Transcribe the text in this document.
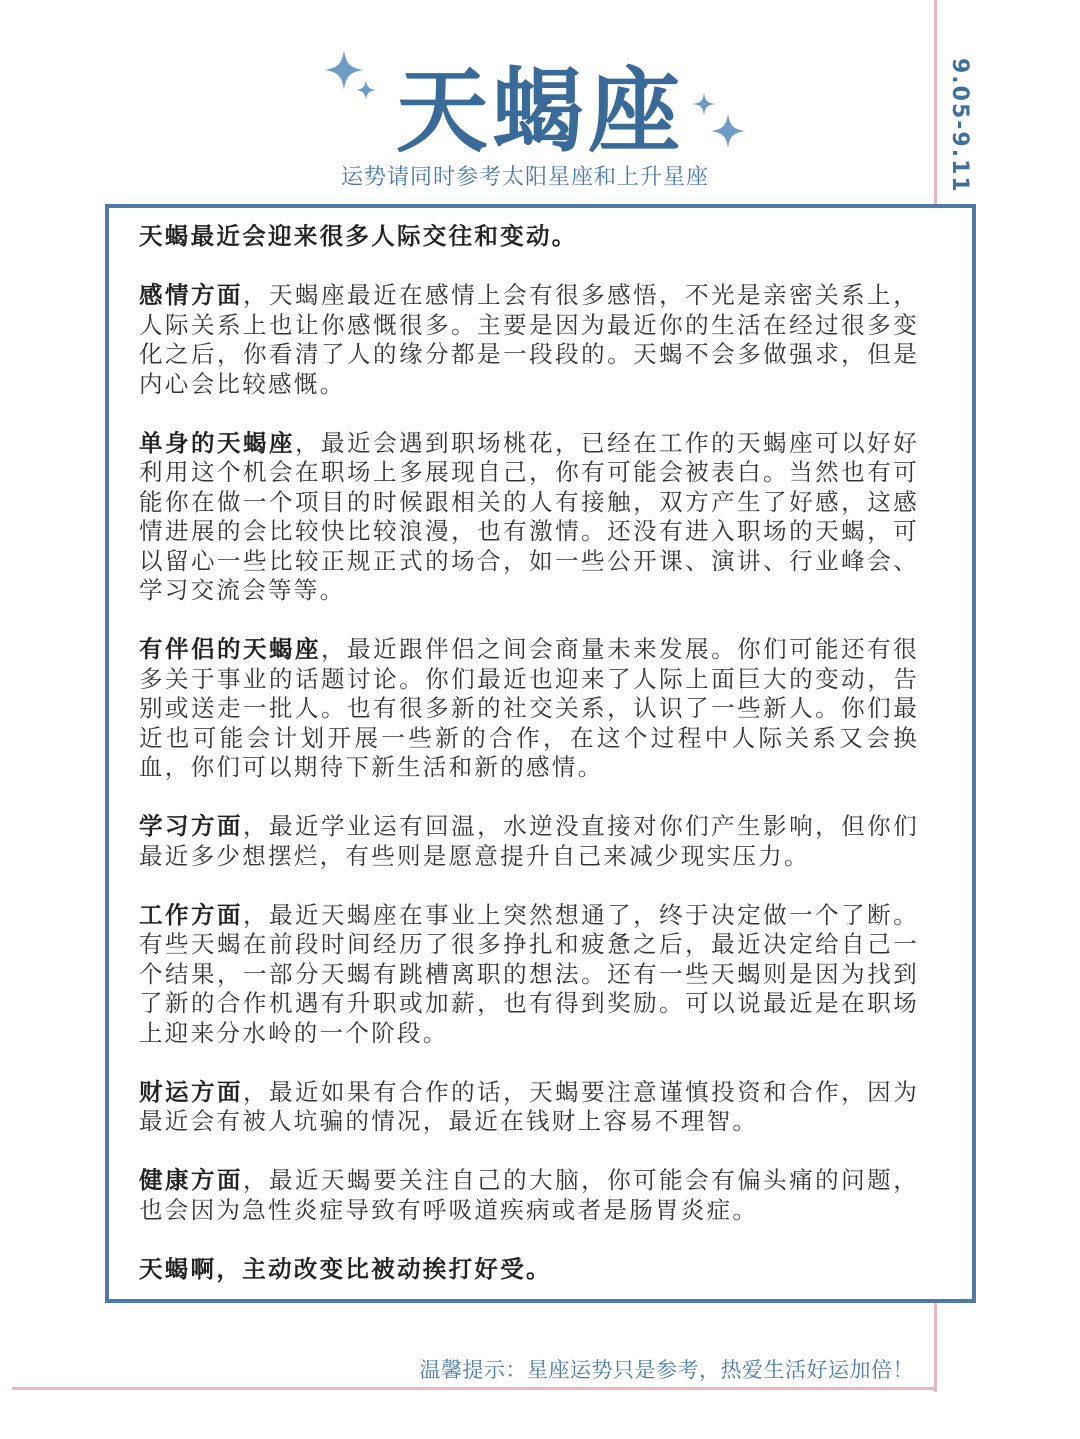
天蝎座
运势请同时参考太阳星座和上升星座	9.05-9.11

天蝎最近会迎来很多人际交往和变动。

感情方面，天蝎座最近在感情上会有很多感悟，不光是亲密关系上，人际关系上也让你感慨很多。主要是因为最近你的生活在经过很多变化之后，你看清了人的缘分都是一段段的。天蝎不会多做强求，但是内心会比较感慨。

单身的天蝎座，最近会遇到职场桃花，已经在工作的天蝎座可以好好利用这个机会在职场上多展现自己，你有可能会被表白。当然也有可能你在做一个项目的时候跟相关的人有接触，双方产生了好感，这感情进展的会比较快比较浪漫，也有激情。还没有进入职场的天蝎，可以留心一些比较正规正式的场合，如一些公开课、演讲、行业峰会、学习交流会等等。

有伴侣的天蝎座，最近跟伴侣之间会商量未来发展。你们可能还有很多关于事业的话题讨论。你们最近也迎来了人际上面巨大的变动，告别或送走一批人。也有很多新的社交关系，认识了一些新人。你们最近也可能会计划开展一些新的合作，在这个过程中人际关系又会换血，你们可以期待下新生活和新的感情。

学习方面，最近学业运有回温，水逆没直接对你们产生影响，但你们最近多少想摆烂，有些则是愿意提升自己来减少现实压力。

工作方面，最近天蝎座在事业上突然想通了，终于决定做一个了断。有些天蝎在前段时间经历了很多挣扎和疲惫之后，最近决定给自己一个结果，一部分天蝎有跳槽离职的想法。还有一些天蝎则是因为找到了新的合作机遇有升职或加薪，也有得到奖励。可以说最近是在职场上迎来分水岭的一个阶段。

财运方面，最近如果有合作的话，天蝎要注意谨慎投资和合作，因为最近会有被人坑骗的情况，最近在钱财上容易不理智。

健康方面，最近天蝎要关注自己的大脑，你可能会有偏头痛的问题，也会因为急性炎症导致有呼吸道疾病或者是肠胃炎症。

天蝎啊，主动改变比被动挨打好受。

温馨提示：星座运势只是参考，热爱生活好运加倍！
